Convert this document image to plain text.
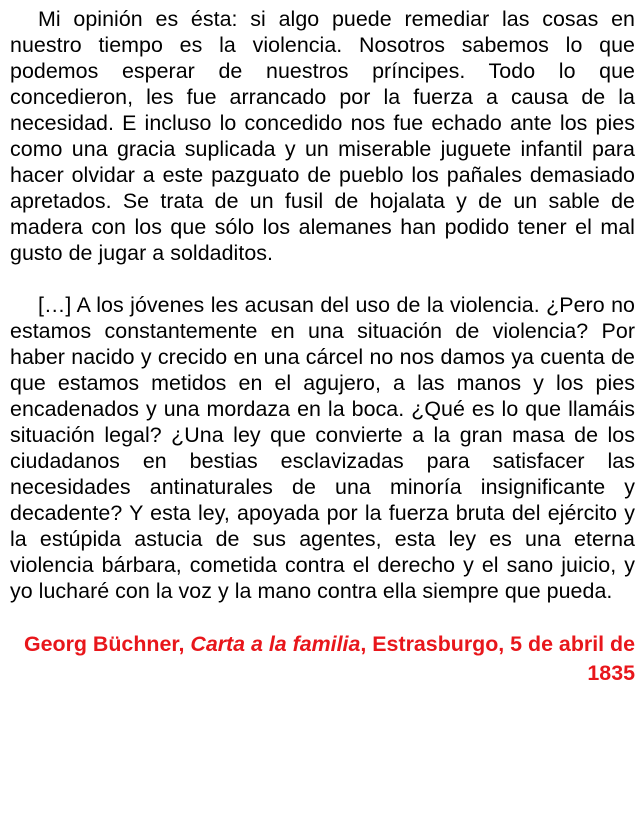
Mi opinión es ésta: si algo puede remediar las cosas en nuestro tiempo es la violencia. Nosotros sabemos lo que podemos esperar de nuestros príncipes. Todo lo que concedieron, les fue arrancado por la fuerza a causa de la necesidad. E incluso lo concedido nos fue echado ante los pies como una gracia suplicada y un miserable juguete infantil para hacer olvidar a este pazguato de pueblo los pañales demasiado apretados. Se trata de un fusil de hojalata y de un sable de madera con los que sólo los alemanes han podido tener el mal gusto de jugar a soldaditos.

[…] A los jóvenes les acusan del uso de la violencia. ¿Pero no estamos constantemente en una situación de violencia? Por haber nacido y crecido en una cárcel no nos damos ya cuenta de que estamos metidos en el agujero, a las manos y los pies encadenados y una mordaza en la boca. ¿Qué es lo que llamáis situación legal? ¿Una ley que convierte a la gran masa de los ciudadanos en bestias esclavizadas para satisfacer las necesidades antinaturales de una minoría insignificante y decadente? Y esta ley, apoyada por la fuerza bruta del ejército y la estúpida astucia de sus agentes, esta ley es una eterna violencia bárbara, cometida contra el derecho y el sano juicio, y yo lucharé con la voz y la mano contra ella siempre que pueda.

Georg Büchner, Carta a la familia, Estrasburgo, 5 de abril de 1835
